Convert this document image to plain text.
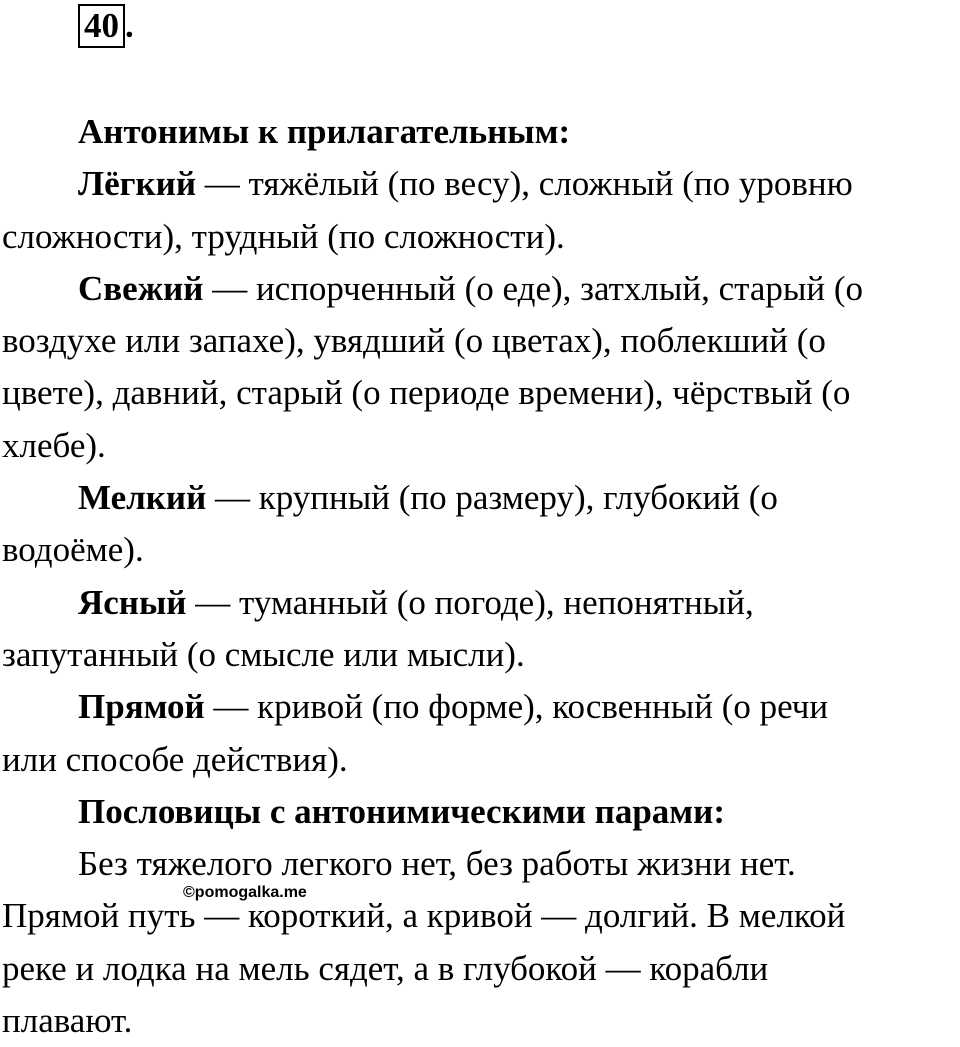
40 .
Антонимы к прилагательным:
Лёгкий — тяжёлый (по весу), сложный (по уровню
сложности), трудный (по сложности).
Свежий — испорченный (о еде), затхлый, старый (о
воздухе или запахе), увядший (о цветах), поблекший (о
цвете), давний, старый (о периоде времени), чёрствый (о
хлебе).
Мелкий — крупный (по размеру), глубокий (о
водоёме).
Ясный — туманный (о погоде), непонятный,
запутанный (о смысле или мысли).
Прямой — кривой (по форме), косвенный (о речи
или способе действия).
Пословицы с антонимическими парами:
Без тяжелого легкого нет, без работы жизни нет.
Прямой путь — короткий, а кривой — долгий. В мелкой
реке и лодка на мель сядет, а в глубокой — корабли
плавают.
©pomogalka.me
